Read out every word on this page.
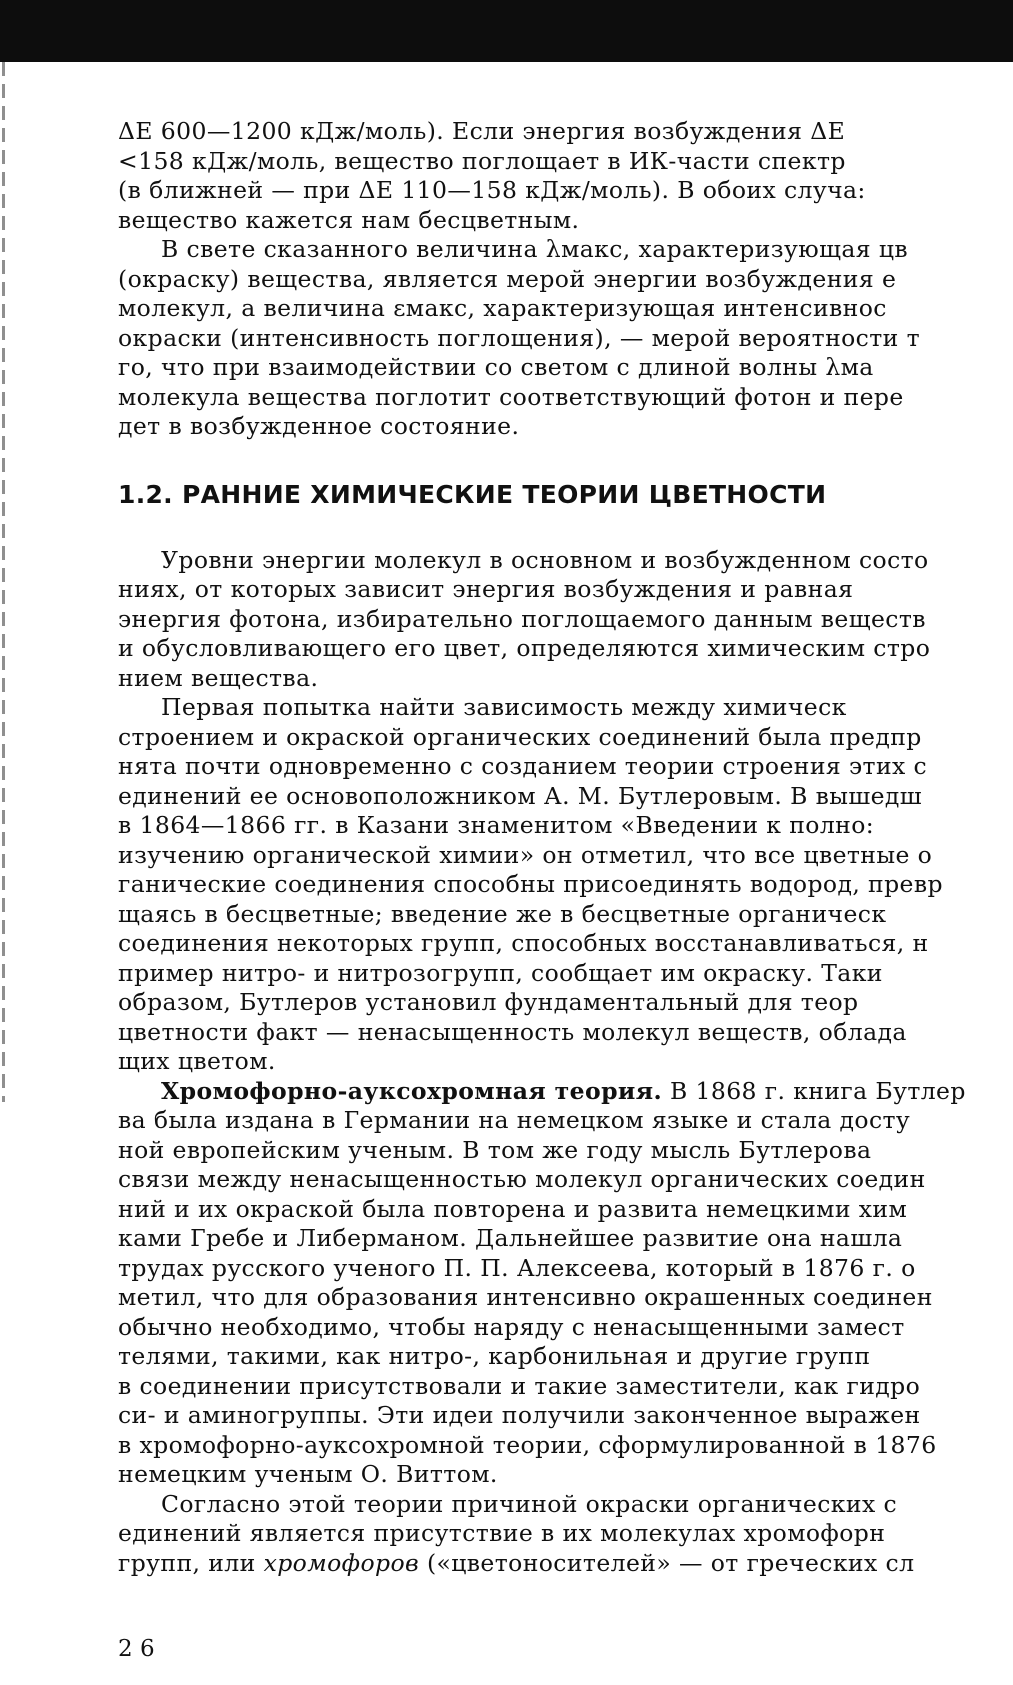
ΔE 600—1200 кДж/моль). Если энергия возбуждения ΔE
<158 кДж/моль, вещество поглощает в ИК-части спектр
(в ближней — при ΔE 110—158 кДж/моль). В обоих случа:
вещество кажется нам бесцветным.

В свете сказанного величина λмакс, характеризующая цв
(окраску) вещества, является мерой энергии возбуждения е
молекул, а величина εмакс, характеризующая интенсивнос
окраски (интенсивность поглощения), — мерой вероятности т
го, что при взаимодействии со светом с длиной волны λма
молекула вещества поглотит соответствующий фотон и пере
дет в возбужденное состояние.

1.2. РАННИЕ ХИМИЧЕСКИЕ ТЕОРИИ ЦВЕТНОСТИ

Уровни энергии молекул в основном и возбужденном состо
ниях, от которых зависит энергия возбуждения и равная
энергия фотона, избирательно поглощаемого данным веществ
и обусловливающего его цвет, определяются химическим стро
нием вещества.

Первая попытка найти зависимость между химическ
строением и окраской органических соединений была предпр
нята почти одновременно с созданием теории строения этих с
единений ее основоположником А. М. Бутлеровым. В вышедш
в 1864—1866 гг. в Казани знаменитом «Введении к полно:
изучению органической химии» он отметил, что все цветные о
ганические соединения способны присоединять водород, превр
щаясь в бесцветные; введение же в бесцветные органическ
соединения некоторых групп, способных восстанавливаться, н
пример нитро- и нитрозогрупп, сообщает им окраску. Таки
образом, Бутлеров установил фундаментальный для теор
цветности факт — ненасыщенность молекул веществ, облада
щих цветом.

Хромофорно-ауксохромная теория. В 1868 г. книга Бутлер
ва была издана в Германии на немецком языке и стала досту
ной европейским ученым. В том же году мысль Бутлерова
связи между ненасыщенностью молекул органических соедин
ний и их окраской была повторена и развита немецкими хим
ками Гребе и Либерманом. Дальнейшее развитие она нашла
трудах русского ученого П. П. Алексеева, который в 1876 г. о
метил, что для образования интенсивно окрашенных соединен
обычно необходимо, чтобы наряду с ненасыщенными замест
телями, такими, как нитро-, карбонильная и другие групп
в соединении присутствовали и такие заместители, как гидро
си- и аминогруппы. Эти идеи получили законченное выражен
в хромофорно-ауксохромной теории, сформулированной в 1876
немецким ученым О. Виттом.

Согласно этой теории причиной окраски органических с
единений является присутствие в их молекулах хромофорн
групп, или хромофоров («цветоносителей» — от греческих сл

2 6
